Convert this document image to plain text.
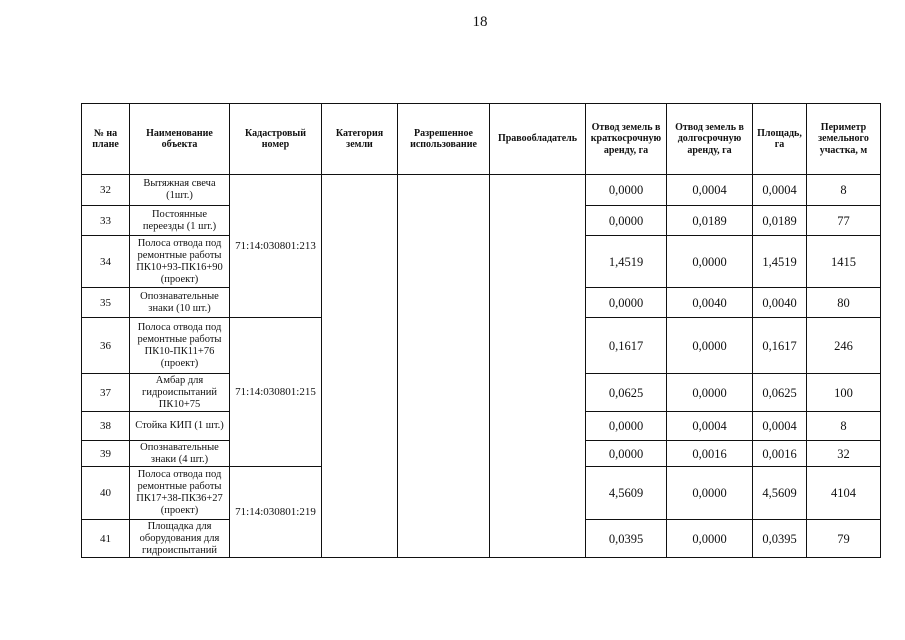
18
№ на плане	Наименование объекта	Кадастровый номер	Категория земли	Разрешенное использование	Правообладатель	Отвод земель в краткосрочную аренду, га	Отвод земель в долгосрочную аренду, га	Площадь, га	Периметр земельного участка, м
32	Вытяжная свеча (1шт.)	71:14:030801:213				0,0000	0,0004	0,0004	8
33	Постоянные переезды (1 шт.)					0,0000	0,0189	0,0189	77
34	Полоса отвода под ремонтные работы ПК10+93-ПК16+90 (проект)					1,4519	0,0000	1,4519	1415
35	Опознавательные знаки (10 шт.)					0,0000	0,0040	0,0040	80
36	Полоса отвода под ремонтные работы ПК10-ПК11+76 (проект)	71:14:030801:215				0,1617	0,0000	0,1617	246
37	Амбар для гидроиспытаний ПК10+75					0,0625	0,0000	0,0625	100
38	Стойка КИП (1 шт.)					0,0000	0,0004	0,0004	8
39	Опознавательные знаки (4 шт.)					0,0000	0,0016	0,0016	32
40	Полоса отвода под ремонтные работы ПК17+38-ПК36+27 (проект)	71:14:030801:219				4,5609	0,0000	4,5609	4104
41	Площадка для оборудования для гидроиспытаний					0,0395	0,0000	0,0395	79
